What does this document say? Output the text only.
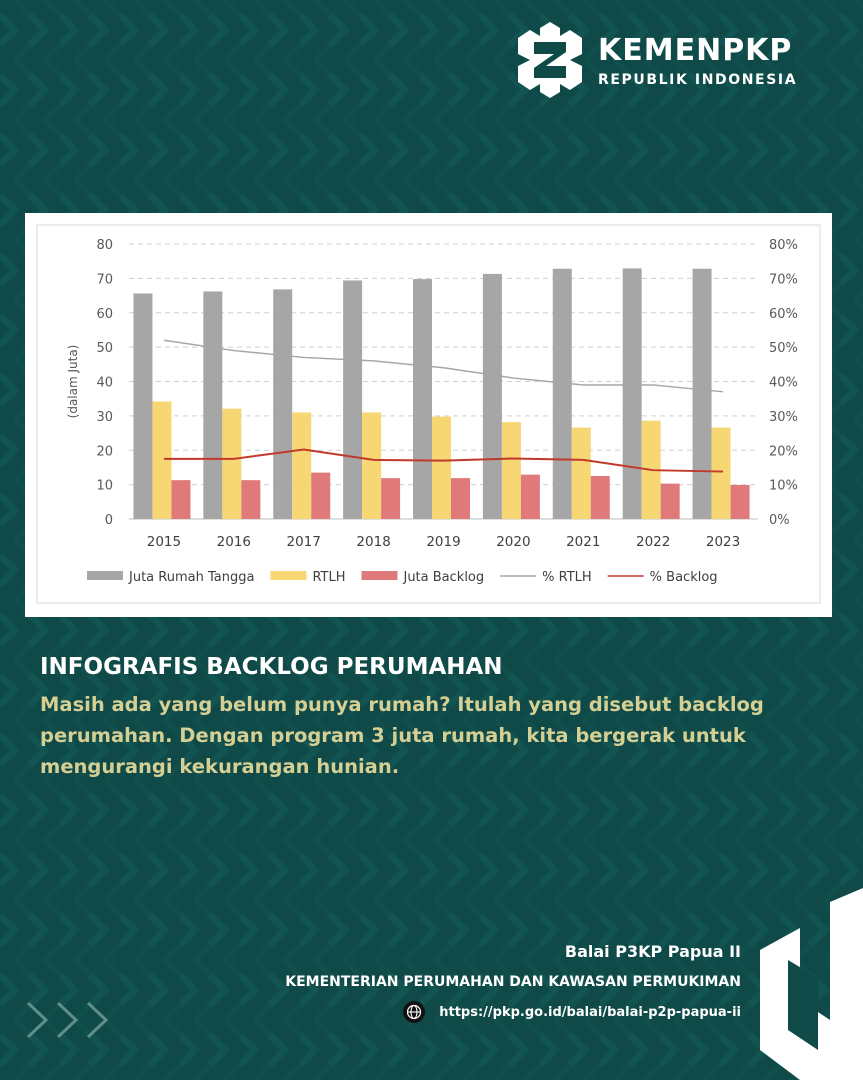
KEMENPKP
REPUBLIK INDONESIA
0
10
20
30
40
50
60
70
80
0%
10%
20%
30%
40%
50%
60%
70%
80%
(dalam Juta)
2015	2016	2017	2018	2019	2020	2021	2022	2023
Juta Rumah Tangga	RTLH	Juta Backlog	% RTLH	% Backlog
INFOGRAFIS BACKLOG PERUMAHAN
Masih ada yang belum punya rumah? Itulah yang disebut backlog perumahan. Dengan program 3 juta rumah, kita bergerak untuk mengurangi kekurangan hunian.
Balai P3KP Papua II
KEMENTERIAN PERUMAHAN DAN KAWASAN PERMUKIMAN
https://pkp.go.id/balai/balai-p2p-papua-ii
